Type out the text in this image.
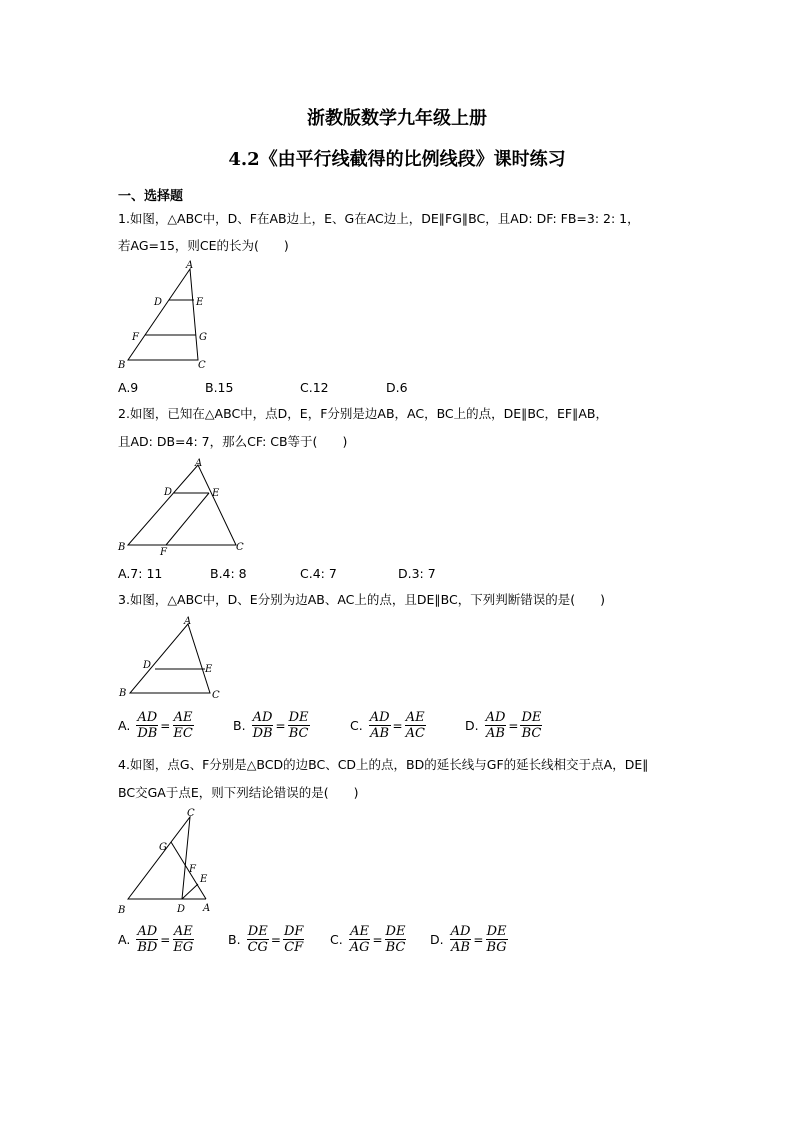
浙教版数学九年级上册
4.2《由平行线截得的比例线段》课时练习
一、选择题
1.如图，△ABC中，D、F在AB边上，E、G在AC边上，DE∥FG∥BC，且AD: DF: FB=3: 2: 1，
若AG=15，则CE的长为(　　)
A
D	E
F	G
B	C
A.9	B.15	C.12	D.6
2.如图，已知在△ABC中，点D，E，F分别是边AB，AC，BC上的点，DE∥BC，EF∥AB，
且AD: DB=4: 7，那么CF: CB等于(　　)
A
D	E
B	F	C
A.7: 11	B.4: 8	C.4: 7	D.3: 7
3.如图，△ABC中，D、E分别为边AB、AC上的点，且DE∥BC，下列判断错误的是(　　)
A
D	E
B	C
A. $\frac{AD}{DB} = \frac{AE}{EC}$	B. $\frac{AD}{DB} = \frac{DE}{BC}$	C. $\frac{AD}{AB} = \frac{AE}{AC}$	D. $\frac{AD}{AB} = \frac{DE}{BC}$
4.如图，点G、F分别是△BCD的边BC、CD上的点，BD的延长线与GF的延长线相交于点A，DE∥
BC交GA于点E，则下列结论错误的是(　　)
C
G
F
E
B	D A
A. $\frac{AD}{BD} = \frac{AE}{EG}$	B. $\frac{DE}{CG} = \frac{DF}{CF} C$. $\frac{AE}{AG} = \frac{DE}{BC} D$. $\frac{AD}{AB} = \frac{DE}{BG}$
